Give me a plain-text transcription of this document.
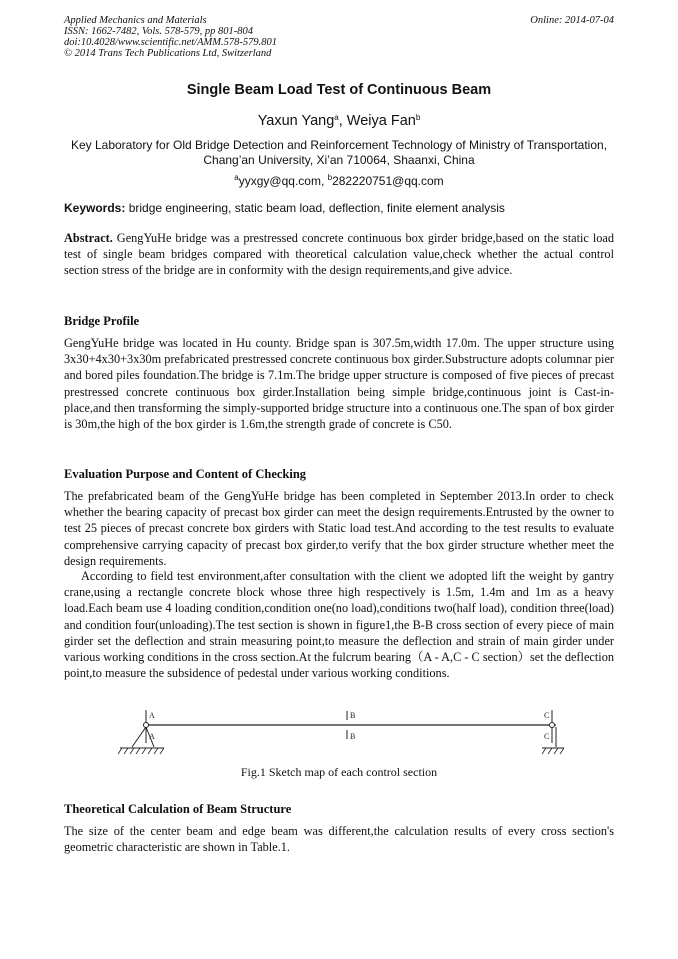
Applied Mechanics and Materials
ISSN: 1662-7482, Vols. 578-579, pp 801-804
doi:10.4028/www.scientific.net/AMM.578-579.801
© 2014 Trans Tech Publications Ltd, Switzerland
Online: 2014-07-04
Single Beam Load Test of Continuous Beam
Yaxun Yang$^a$, Weiya Fan$^b$
Key Laboratory for Old Bridge Detection and Reinforcement Technology of Ministry of Transportation, Chang’an University, Xi’an 710064, Shaanxi, China
$^a$yyxgy@qq.com, $^b$282220751@qq.com
Keywords: bridge engineering, static beam load, deflection, finite element analysis

Abstract. GengYuHe bridge was a prestressed concrete continuous box girder bridge,based on the static load test of single beam bridges compared with theoretical calculation value,check whether the actual control section stress of the bridge are in conformity with the design requirements,and give advice.

Bridge Profile

GengYuHe bridge was located in Hu county. Bridge span is 307.5m,width 17.0m. The upper structure using 3x30+4x30+3x30m prefabricated prestressed concrete continuous box girder.Substructure adopts columnar pier and bored piles foundation.The bridge is 7.1m.The bridge upper structure is composed of five pieces of precast prestressed concrete continuous box girder.Installation being simple bridge,continuous joint is Cast-in-place,and then transforming the simply-supported bridge structure into a continuous one.The span of box girder is 30m,the high of the box girder is 1.6m,the strength grade of concrete is C50.

Evaluation Purpose and Content of Checking

The prefabricated beam of the GengYuHe bridge has been completed in September 2013.In order to check whether the bearing capacity of precast box girder can meet the design requirements.Entrusted by the owner to test 25 pieces of precast concrete box girders with Static load test.And according to the test results to evaluate comprehensive carrying capacity of precast box girder,to verify that the box girder structure whether meet the design requirements.

According to field test environment,after consultation with the client we adopted lift the weight by gantry crane,using a rectangle concrete block whose three high respectively is 1.5m, 1.4m and 1m as a heavy load.Each beam use 4 loading condition,condition one(no load),conditions two(half load), condition three(load) and condition four(unloading).The test section is shown in figure1,the B-B cross section of every piece of main girder set the deflection and strain measuring point,to measure the deflection and strain of main girder under various working conditions in the cross section.At the fulcrum bearing（A - A,C - C section）set the deflection point,to measure the subsidence of pedestal under various working conditions.

A
A
B
B
C
C
Fig.1 Sketch map of each control section
Theoretical Calculation of Beam Structure

The size of the center beam and edge beam was different,the calculation results of every cross section's geometric characteristic are shown in Table.1.
